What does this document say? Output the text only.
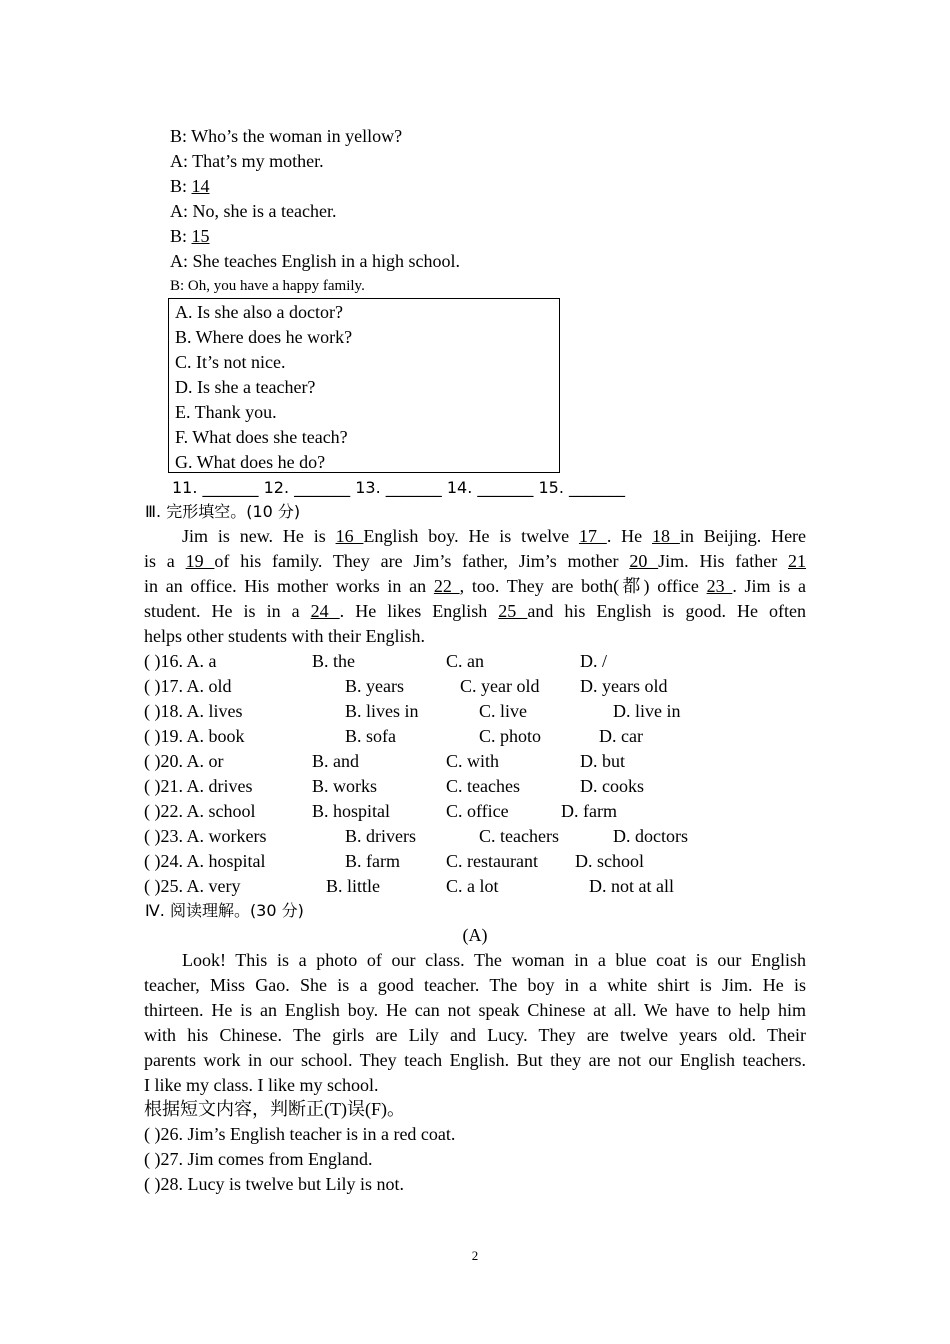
B: Who’s the woman in yellow?
A: That’s my mother.
B: 14
A: No, she is a teacher.
B: 15
A: She teaches English in a high school.
B: Oh, you have a happy family.
A. Is she also a doctor?
B. Where does he work?
C. It’s not nice.
D. Is she a teacher?
E. Thank you.
F. What does she teach?
G. What does he do?
11. _______ 12. _______ 13. _______ 14. _______ 15. _______
Ⅲ. 完形填空。(10 分)
Jim is new. He is 16 English boy. He is twelve 17 . He 18 in Beijing. Here
is a 19 of his family. They are Jim’s father, Jim’s mother 20 Jim. His father 21
in an office. His mother works in an 22 , too. They are both(都) office 23 . Jim is a
student. He is in a 24 . He likes English 25 and his English is good. He often
helps other students with their English.
( )16. A. a	B. the	C. an	D. /
( )17. A. old	B. years	C. year old D. years old
( )18. A. lives	B. lives in	C. live	D. live in
( )19. A. book	B. sofa	C. photo	D. car
( )20. A. or	B. and	C. with	D. but
( )21. A. drives	B. works	C. teaches	D. cooks
( )22. A. school	B. hospital	C. office	D. farm
( )23. A. workers	B. drivers	C. teachers	D. doctors
( )24. A. hospital	B. farm	C. restaurant D. school
( )25. A. very	B. little	C. a lot	D. not at all
Ⅳ. 阅读理解。(30 分)
(A)
Look! This is a photo of our class. The woman in a blue coat is our English
teacher, Miss Gao. She is a good teacher. The boy in a white shirt is Jim. He is
thirteen. He is an English boy. He can not speak Chinese at all. We have to help him
with his Chinese. The girls are Lily and Lucy. They are twelve years old. Their
parents work in our school. They teach English. But they are not our English teachers.
I like my class. I like my school.
根据短文内容，判断正(T)误(F)。
( )26. Jim’s English teacher is in a red coat.
( )27. Jim comes from England.
( )28. Lucy is twelve but Lily is not.
2
